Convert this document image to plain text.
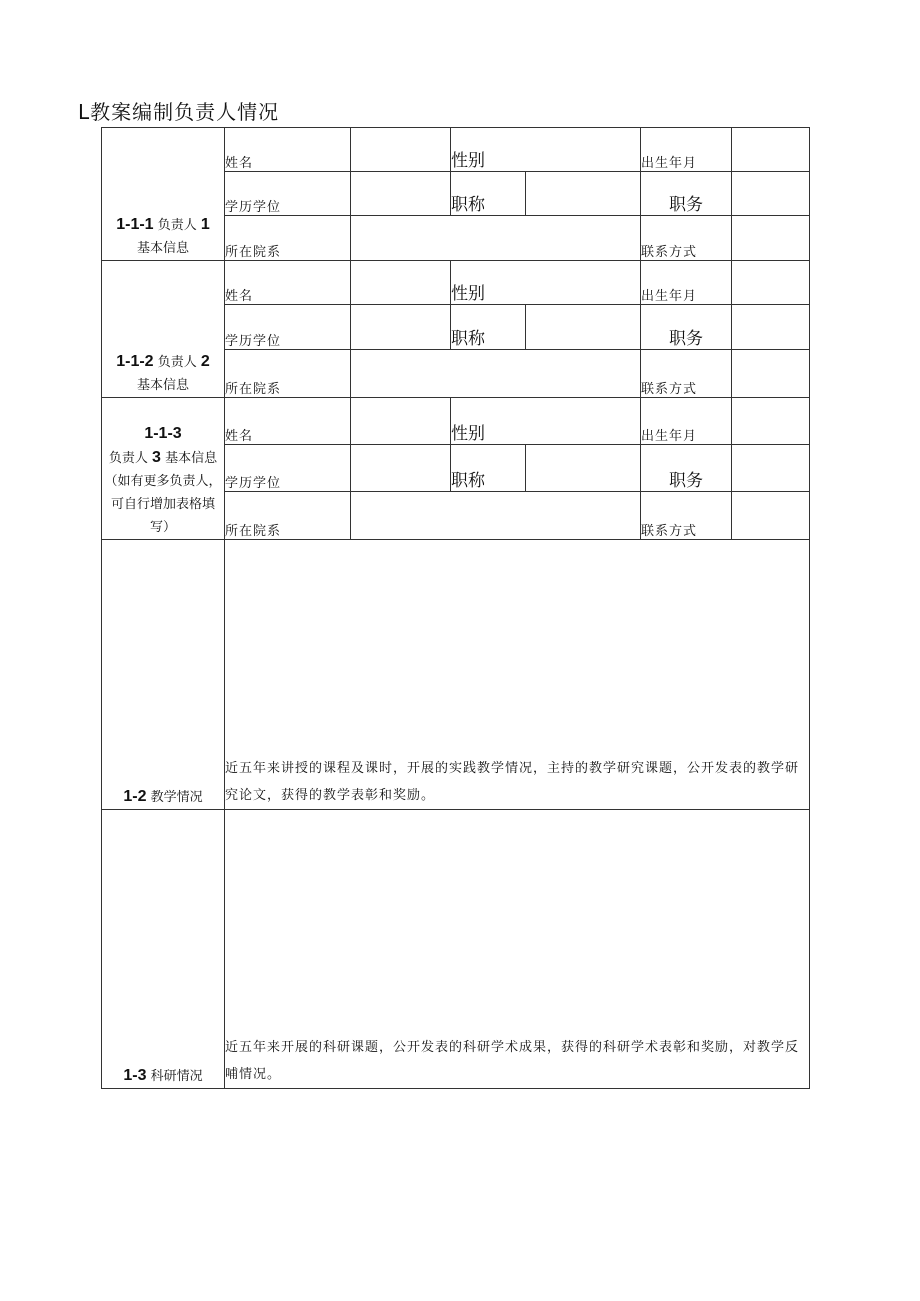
L教案编制负责人情况
1-1-1 负责人 1
基本信息	姓名		性别		出生年月	
	学历学位		职称		职务	
	所在院系				联系方式	
1-1-2 负责人 2
基本信息	姓名		性别		出生年月	
	学历学位		职称		职务	
	所在院系				联系方式	
1-1-3
负责人 3 基本信息（如有更多负责人，可自行增加表格填写）	姓名		性别		出生年月	
	学历学位		职称		职务	
	所在院系				联系方式	
1-2 教学情况	近五年来讲授的课程及课时，开展的实践教学情况，主持的教学研究课题，公开发表的教学研究论文，获得的教学表彰和奖励。					
1-3 科研情况	近五年来开展的科研课题，公开发表的科研学术成果，获得的科研学术表彰和奖励，对教学反哺情况。					
